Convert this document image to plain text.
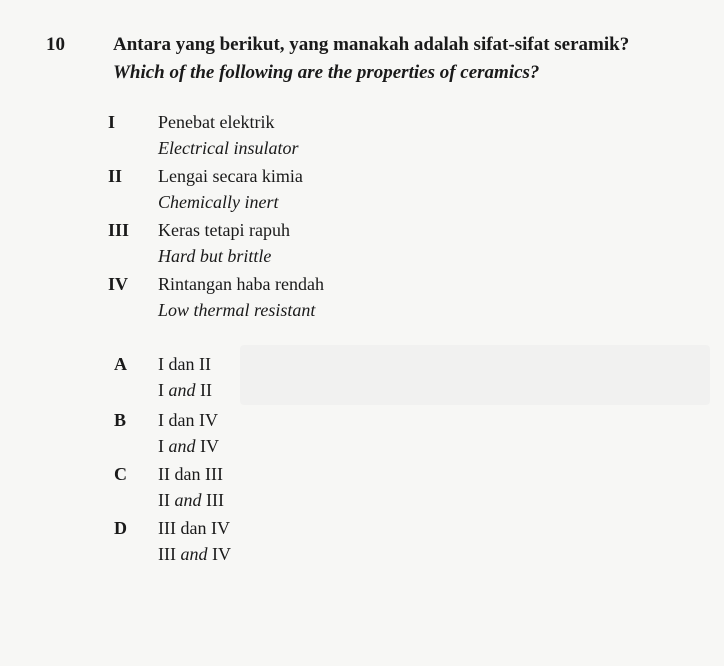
10	Antara yang berikut, yang manakah adalah sifat-sifat seramik?
Which of the following are the properties of ceramics?
I Penebat elektrik
Electrical insulator
II Lengai secara kimia
Chemically inert
III Keras tetapi rapuh
Hard but brittle
IV Rintangan haba rendah
Low thermal resistant
A I dan II
I and II
B I dan IV
I and IV
C II dan III
II and III
D III dan IV
III and IV
